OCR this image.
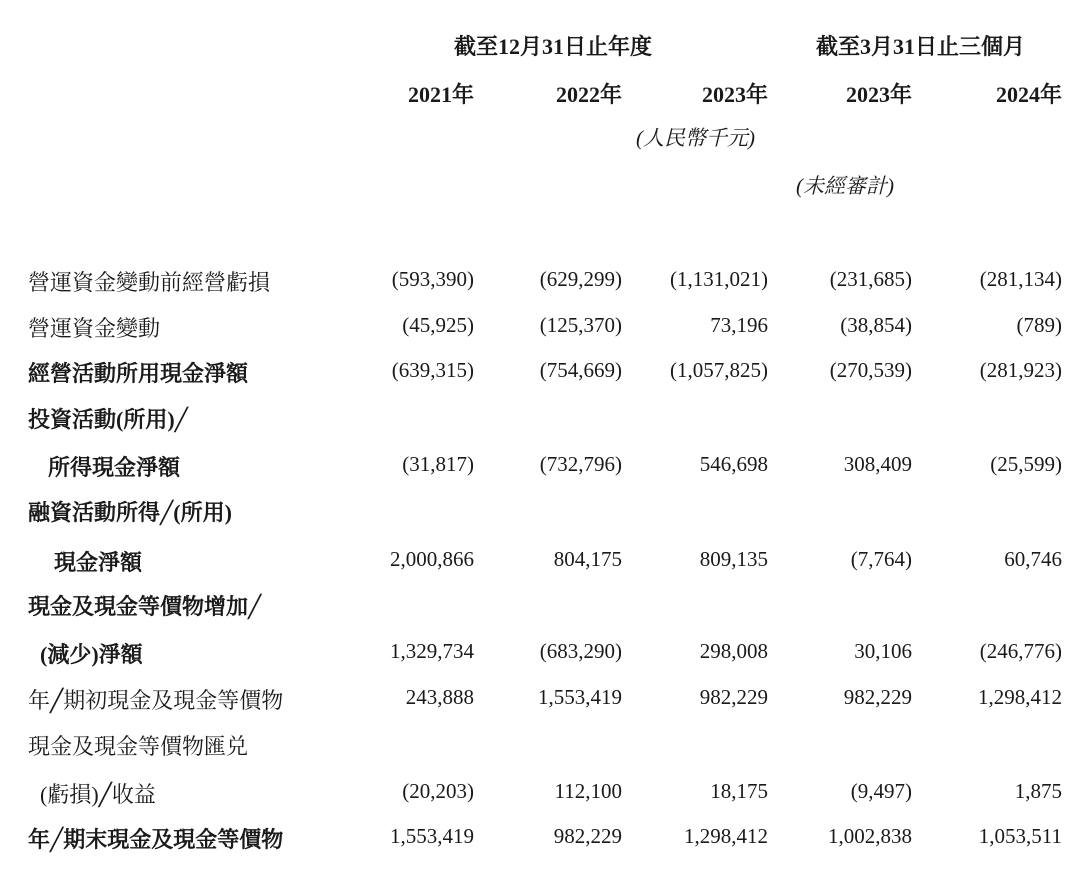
截至12月31日止年度	截至3月31日止三個月
2021年	2022年	2023年	2023年	2024年
(人民幣千元)
(未經審計)
營運資金變動前經營虧損	(593,390)	(629,299) (1,131,021)	(231,685)	(281,134)
營運資金變動	(45,925)	(125,370)	73,196	(38,854)	(789)
經營活動所用現金淨額	(639,315)	(754,669) (1,057,825)	(270,539)	(281,923)
投資活動(所用)╱
所得現金淨額	(31,817)	(732,796)	546,698	308,409	(25,599)
融資活動所得╱(所用)
現金淨額	2,000,866	804,175	809,135	(7,764)	60,746
現金及現金等價物增加╱
(減少)淨額	1,329,734	(683,290)	298,008	30,106	(246,776)
年╱期初現金及現金等價物	243,888	1,553,419	982,229	982,229	1,298,412
現金及現金等價物匯兑
(虧損)╱收益	(20,203)	112,100	18,175	(9,497)	1,875
年╱期末現金及現金等價物	1,553,419	982,229	1,298,412	1,002,838	1,053,511
